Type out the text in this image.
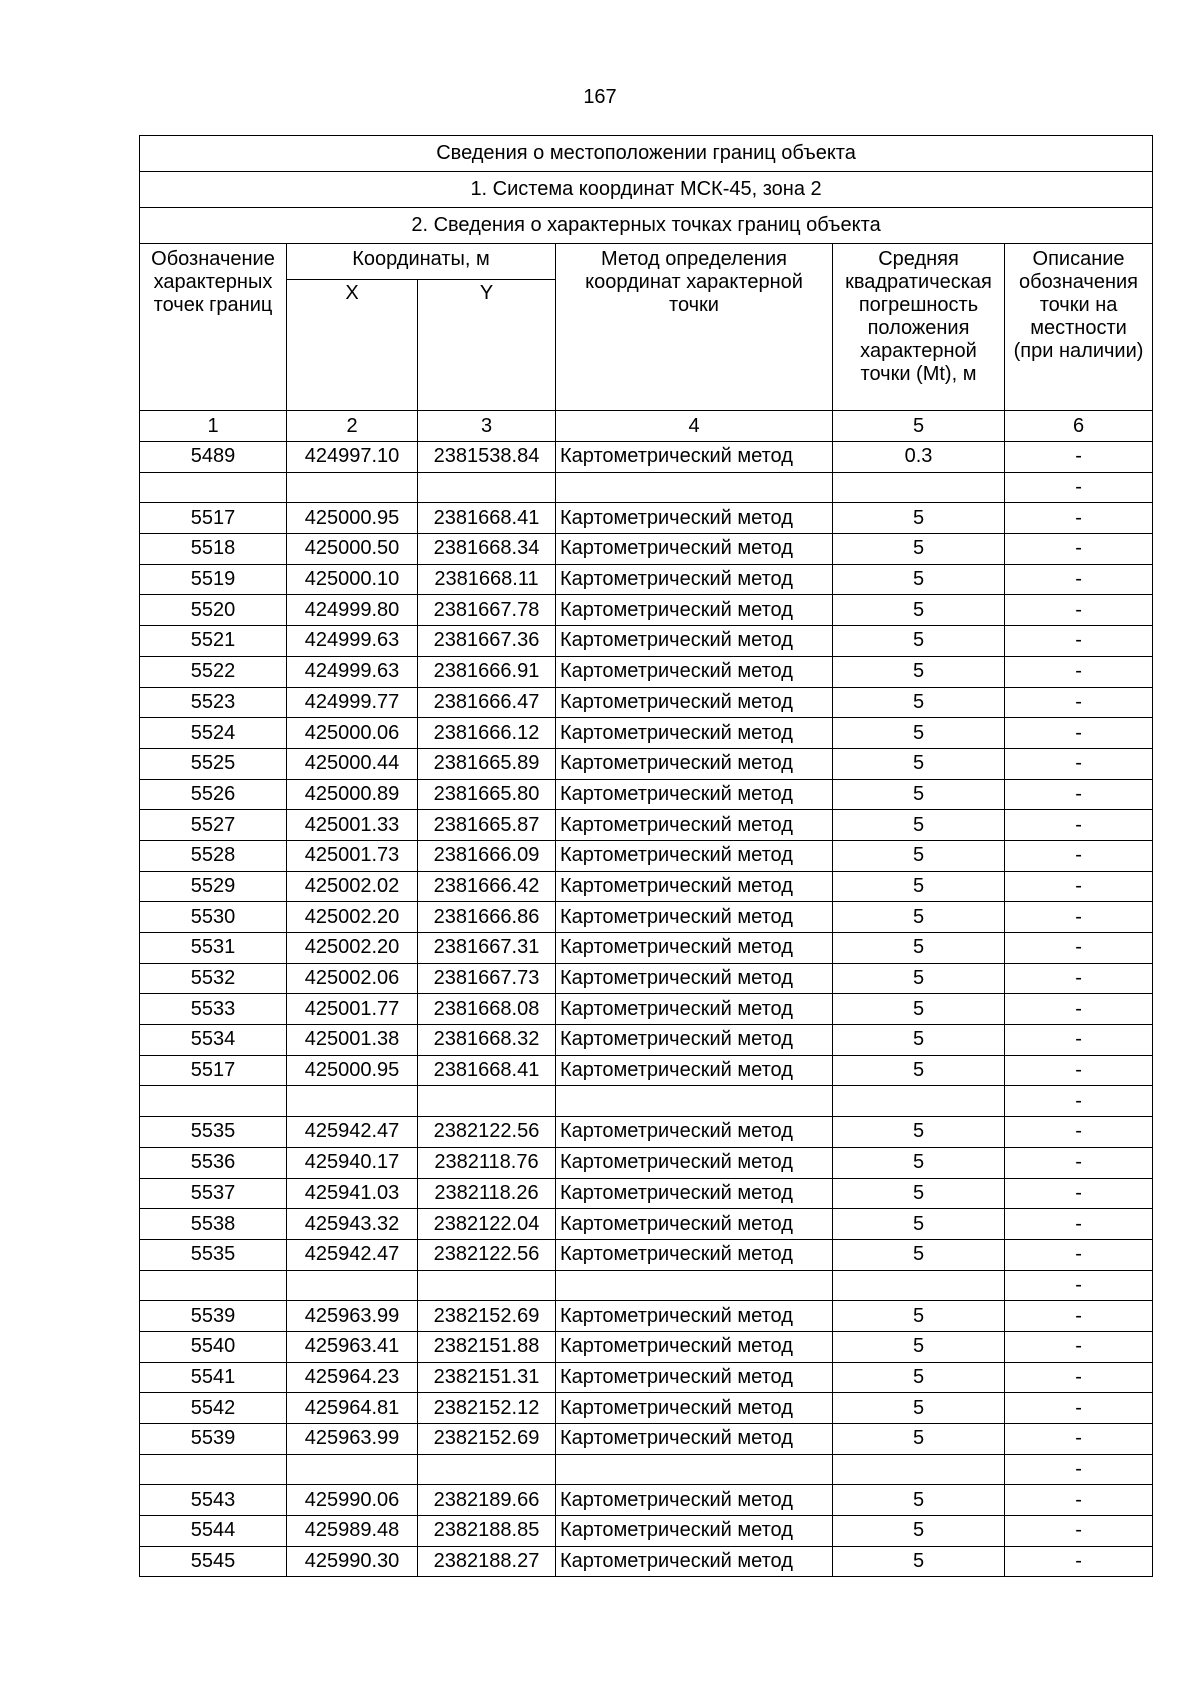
167
Сведения о местоположении границ объекта					
1. Система координат МСК-45, зона 2					
2. Сведения о характерных точках границ объекта					
Обозначение характерных точек границ	Координаты, м		Метод определения координат характерной точки	Средняя квадратическая погрешность положения характерной точки (Mt), м	Описание обозначения точки на местности (при наличии)
	X	Y			
1	2	3	4	5	6
5489	424997.10	2381538.84	Картометрический метод	0.3	-
					-
5517	425000.95	2381668.41	Картометрический метод	5	-
5518	425000.50	2381668.34	Картометрический метод	5	-
5519	425000.10	2381668.11	Картометрический метод	5	-
5520	424999.80	2381667.78	Картометрический метод	5	-
5521	424999.63	2381667.36	Картометрический метод	5	-
5522	424999.63	2381666.91	Картометрический метод	5	-
5523	424999.77	2381666.47	Картометрический метод	5	-
5524	425000.06	2381666.12	Картометрический метод	5	-
5525	425000.44	2381665.89	Картометрический метод	5	-
5526	425000.89	2381665.80	Картометрический метод	5	-
5527	425001.33	2381665.87	Картометрический метод	5	-
5528	425001.73	2381666.09	Картометрический метод	5	-
5529	425002.02	2381666.42	Картометрический метод	5	-
5530	425002.20	2381666.86	Картометрический метод	5	-
5531	425002.20	2381667.31	Картометрический метод	5	-
5532	425002.06	2381667.73	Картометрический метод	5	-
5533	425001.77	2381668.08	Картометрический метод	5	-
5534	425001.38	2381668.32	Картометрический метод	5	-
5517	425000.95	2381668.41	Картометрический метод	5	-
					-
5535	425942.47	2382122.56	Картометрический метод	5	-
5536	425940.17	2382118.76	Картометрический метод	5	-
5537	425941.03	2382118.26	Картометрический метод	5	-
5538	425943.32	2382122.04	Картометрический метод	5	-
5535	425942.47	2382122.56	Картометрический метод	5	-
					-
5539	425963.99	2382152.69	Картометрический метод	5	-
5540	425963.41	2382151.88	Картометрический метод	5	-
5541	425964.23	2382151.31	Картометрический метод	5	-
5542	425964.81	2382152.12	Картометрический метод	5	-
5539	425963.99	2382152.69	Картометрический метод	5	-
					-
5543	425990.06	2382189.66	Картометрический метод	5	-
5544	425989.48	2382188.85	Картометрический метод	5	-
5545	425990.30	2382188.27	Картометрический метод	5	-
